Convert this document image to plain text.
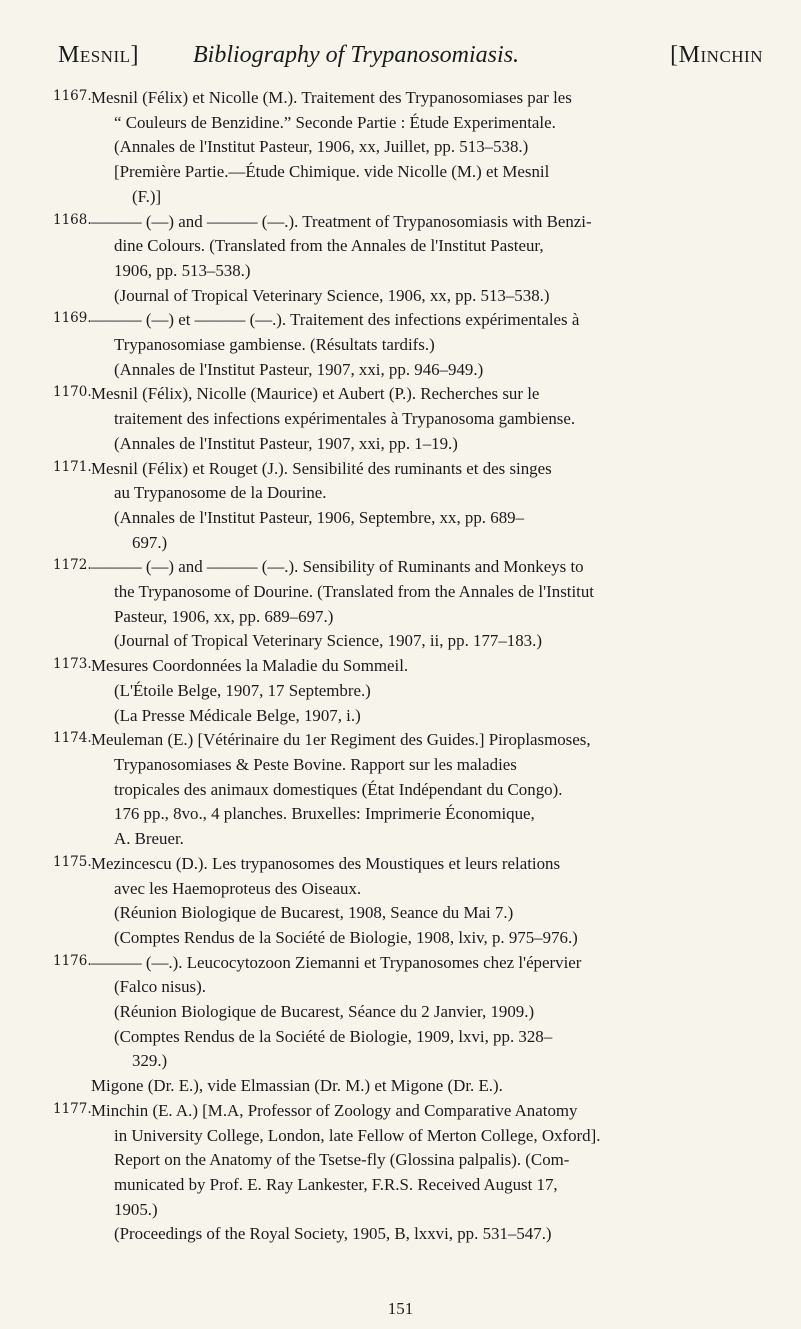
Mesnil] Bibliography of Trypanosomiasis.	[Minchin
1167. Mesnil (Félix) et Nicolle (M.). Traitement des Trypanosomiases par les
“ Couleurs de Benzidine.” Seconde Partie : Étude Experimentale.
(Annales de l'Institut Pasteur, 1906, xx, Juillet, pp. 513–538.)
[Première Partie.—Étude Chimique. vide Nicolle (M.) et Mesnil
(F.)]
1168. ——— (—) and ——— (—.). Treatment of Trypanosomiasis with Benzi-
dine Colours. (Translated from the Annales de l'Institut Pasteur,
1906, pp. 513–538.)
(Journal of Tropical Veterinary Science, 1906, xx, pp. 513–538.)
1169. ——— (—) et ——— (—.). Traitement des infections expérimentales à
Trypanosomiase gambiense. (Résultats tardifs.)
(Annales de l'Institut Pasteur, 1907, xxi, pp. 946–949.)
1170. Mesnil (Félix), Nicolle (Maurice) et Aubert (P.). Recherches sur le
traitement des infections expérimentales à Trypanosoma gambiense.
(Annales de l'Institut Pasteur, 1907, xxi, pp. 1–19.)
1171. Mesnil (Félix) et Rouget (J.). Sensibilité des ruminants et des singes
au Trypanosome de la Dourine.
(Annales de l'Institut Pasteur, 1906, Septembre, xx, pp. 689–
697.)
1172. ——— (—) and ——— (—.). Sensibility of Ruminants and Monkeys to
the Trypanosome of Dourine. (Translated from the Annales de l'Institut
Pasteur, 1906, xx, pp. 689–697.)
(Journal of Tropical Veterinary Science, 1907, ii, pp. 177–183.)
1173. Mesures Coordonnées la Maladie du Sommeil.
(L'Étoile Belge, 1907, 17 Septembre.)
(La Presse Médicale Belge, 1907, i.)
1174. Meuleman (E.) [Vétérinaire du 1er Regiment des Guides.] Piroplasmoses,
Trypanosomiases & Peste Bovine. Rapport sur les maladies
tropicales des animaux domestiques (État Indépendant du Congo).
176 pp., 8vo., 4 planches. Bruxelles: Imprimerie Économique,
A. Breuer.
1175. Mezincescu (D.). Les trypanosomes des Moustiques et leurs relations
avec les Haemoproteus des Oiseaux.
(Réunion Biologique de Bucarest, 1908, Seance du Mai 7.)
(Comptes Rendus de la Société de Biologie, 1908, lxiv, p. 975–976.)
1176. ——— (—.). Leucocytozoon Ziemanni et Trypanosomes chez l'épervier
(Falco nisus).
(Réunion Biologique de Bucarest, Séance du 2 Janvier, 1909.)
(Comptes Rendus de la Société de Biologie, 1909, lxvi, pp. 328–
329.)
Migone (Dr. E.), vide Elmassian (Dr. M.) et Migone (Dr. E.).
1177. Minchin (E. A.) [M.A, Professor of Zoology and Comparative Anatomy
in University College, London, late Fellow of Merton College, Oxford].
Report on the Anatomy of the Tsetse-fly (Glossina palpalis). (Com-
municated by Prof. E. Ray Lankester, F.R.S. Received August 17,
1905.)
(Proceedings of the Royal Society, 1905, B, lxxvi, pp. 531–547.)
151
